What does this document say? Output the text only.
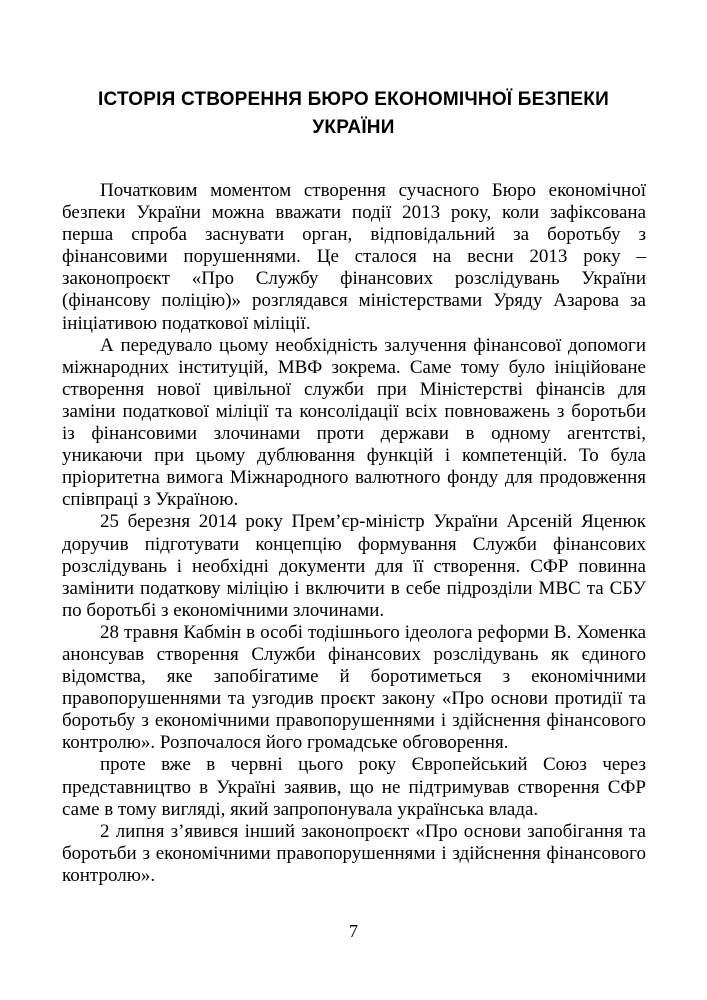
ІСТОРІЯ СТВОРЕННЯ БЮРО ЕКОНОМІЧНОЇ БЕЗПЕКИ УКРАЇНИ

Початковим моментом створення сучасного Бюро економічної безпеки України можна вважати події 2013 року, коли зафіксована перша спроба заснувати орган, відповідальний за боротьбу з фінансовими порушеннями. Це сталося на весни 2013 року – законопроєкт «Про Службу фінансових розслідувань України (фінансову поліцію)» розглядався міністерствами Уряду Азарова за ініціативою податкової міліції.

А передувало цьому необхідність залучення фінансової допомоги міжнародних інституцій, МВФ зокрема. Саме тому було ініційоване створення нової цивільної служби при Міністерстві фінансів для заміни податкової міліції та консолідації всіх повноважень з боротьби із фінансовими злочинами проти держави в одному агентстві, уникаючи при цьому дублювання функцій і компетенцій. То була пріоритетна вимога Міжнародного валютного фонду для продовження співпраці з Україною.

25 березня 2014 року Прем’єр-міністр України Арсеній Яценюк доручив підготувати концепцію формування Служби фінансових розслідувань і необхідні документи для її створення. СФР повинна замінити податкову міліцію і включити в себе підрозділи МВС та СБУ по боротьбі з економічними злочинами.

28 травня Кабмін в особі тодішнього ідеолога реформи В. Хоменка анонсував створення Служби фінансових розслідувань як єдиного відомства, яке запобігатиме й боротиметься з економічними правопорушеннями та узгодив проєкт закону «Про основи протидії та боротьбу з економічними правопорушеннями і здійснення фінансового контролю». Розпочалося його громадське обговорення.

проте вже в червні цього року Європейський Союз через представництво в Україні заявив, що не підтримував створення СФР саме в тому вигляді, який запропонувала українська влада.

2 липня з’явився інший законопроєкт «Про основи запобігання та боротьби з економічними правопорушеннями і здійснення фінансового контролю».

7
